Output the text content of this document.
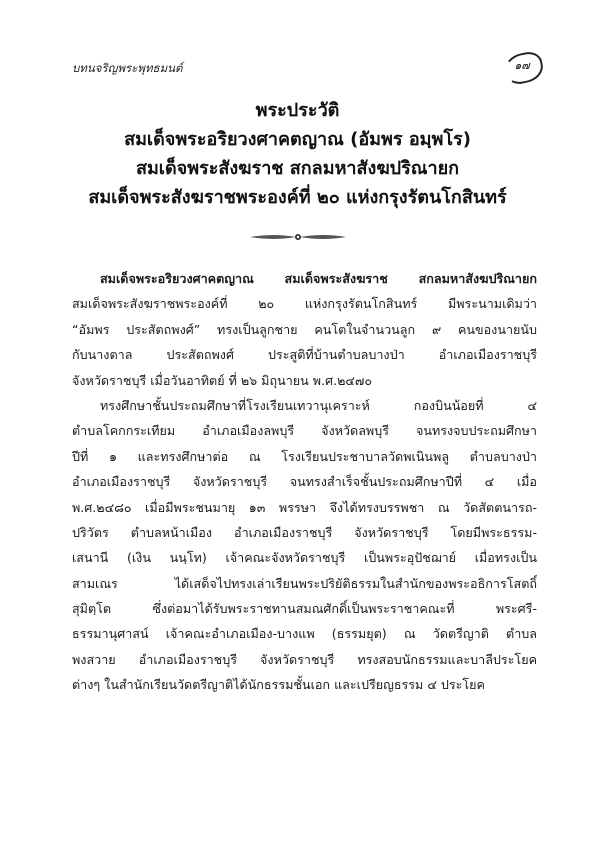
บทนจริญพระพุทธมนต์	๑๗
พระประวัติ
สมเด็จพระอริยวงศาคตญาณ (อัมพร อมฺพโร)
สมเด็จพระสังฆราช สกลมหาสังฆปริณายก
สมเด็จพระสังฆราชพระองค์ที่ ๒๐ แห่งกรุงรัตนโกสินทร์
สมเด็จพระอริยวงศาคตญาณ สมเด็จพระสังฆราช สกลมหาสังฆปริณายก
สมเด็จพระสังฆราชพระองค์ที่ ๒๐ แห่งกรุงรัตนโกสินทร์ มีพระนามเดิมว่า
“อัมพร ประสัตถพงศ์” ทรงเป็นลูกชาย คนโตในจำนวนลูก ๙ คนของนายนับ
กับนางตาล ประสัตถพงศ์ ประสูติที่บ้านตำบลบางป่า อำเภอเมืองราชบุรี
จังหวัดราชบุรี เมื่อวันอาทิตย์ ที่ ๒๖ มิถุนายน พ.ศ.๒๔๗๐
ทรงศึกษาชั้นประถมศึกษาที่โรงเรียนเทวานุเคราะห์ กองบินน้อยที่ ๔
ตำบลโคกกระเทียม อำเภอเมืองลพบุรี จังหวัดลพบุรี จนทรงจบประถมศึกษา
ปีที่ ๑ และทรงศึกษาต่อ ณ โรงเรียนประชาบาลวัดพเนินพลู ตำบลบางป่า
อำเภอเมืองราชบุรี จังหวัดราชบุรี จนทรงสำเร็จชั้นประถมศึกษาปีที่ ๔ เมื่อ
พ.ศ.๒๔๘๐ เมื่อมีพระชนมายุ ๑๓ พรรษา จึงได้ทรงบรรพชา ณ วัดสัตตนารถ-
ปริวัตร ตำบลหน้าเมือง อำเภอเมืองราชบุรี จังหวัดราชบุรี โดยมีพระธรรม-
เสนานี (เงิน นนฺโท) เจ้าคณะจังหวัดราชบุรี เป็นพระอุปัชฌาย์ เมื่อทรงเป็น
สามเณร ได้เสด็จไปทรงเล่าเรียนพระปริยัติธรรมในสำนักของพระอธิการโสตถิ์
สุมิตฺโต ซึ่งต่อมาได้รับพระราชทานสมณศักดิ์เป็นพระราชาคณะที่ พระศรี-
ธรรมานุศาสน์ เจ้าคณะอำเภอเมือง-บางแพ (ธรรมยุต) ณ วัดตรีญาติ ตำบล
พงสวาย อำเภอเมืองราชบุรี จังหวัดราชบุรี ทรงสอบนักธรรมและบาลีประโยค
ต่างๆ ในสำนักเรียนวัดตรีญาติได้นักธรรมชั้นเอก และเปรียญธรรม ๔ ประโยค
